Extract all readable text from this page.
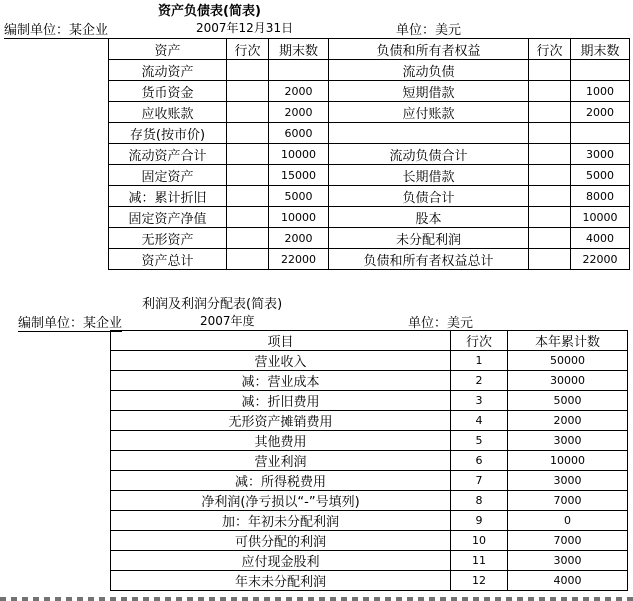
资产负债表(简表)
编制单位：某企业	2007年12月31日	单位：美元
资产	行次	期末数	负债和所有者权益	行次	期末数
流动资产			流动负债		
货币资金		2000	短期借款		1000
应收账款		2000	应付账款		2000
存货(按市价)		6000			
流动资产合计		10000	流动负债合计		3000
固定资产		15000	长期借款		5000
减：累计折旧		5000	负债合计		8000
固定资产净值		10000	股本		10000
无形资产		2000	未分配利润		4000
资产总计		22000	负债和所有者权益总计		22000
利润及利润分配表(简表)
编制单位：某企业	2007年度	单位：美元
项目	行次	本年累计数
营业收入	1	50000
减：营业成本	2	30000
减：折旧费用	3	5000
无形资产摊销费用	4	2000
其他费用	5	3000
营业利润	6	10000
减：所得税费用	7	3000
净利润(净亏损以“-”号填列)	8	7000
加：年初未分配利润	9	0
可供分配的利润	10	7000
应付现金股利	11	3000
年末未分配利润	12	4000
